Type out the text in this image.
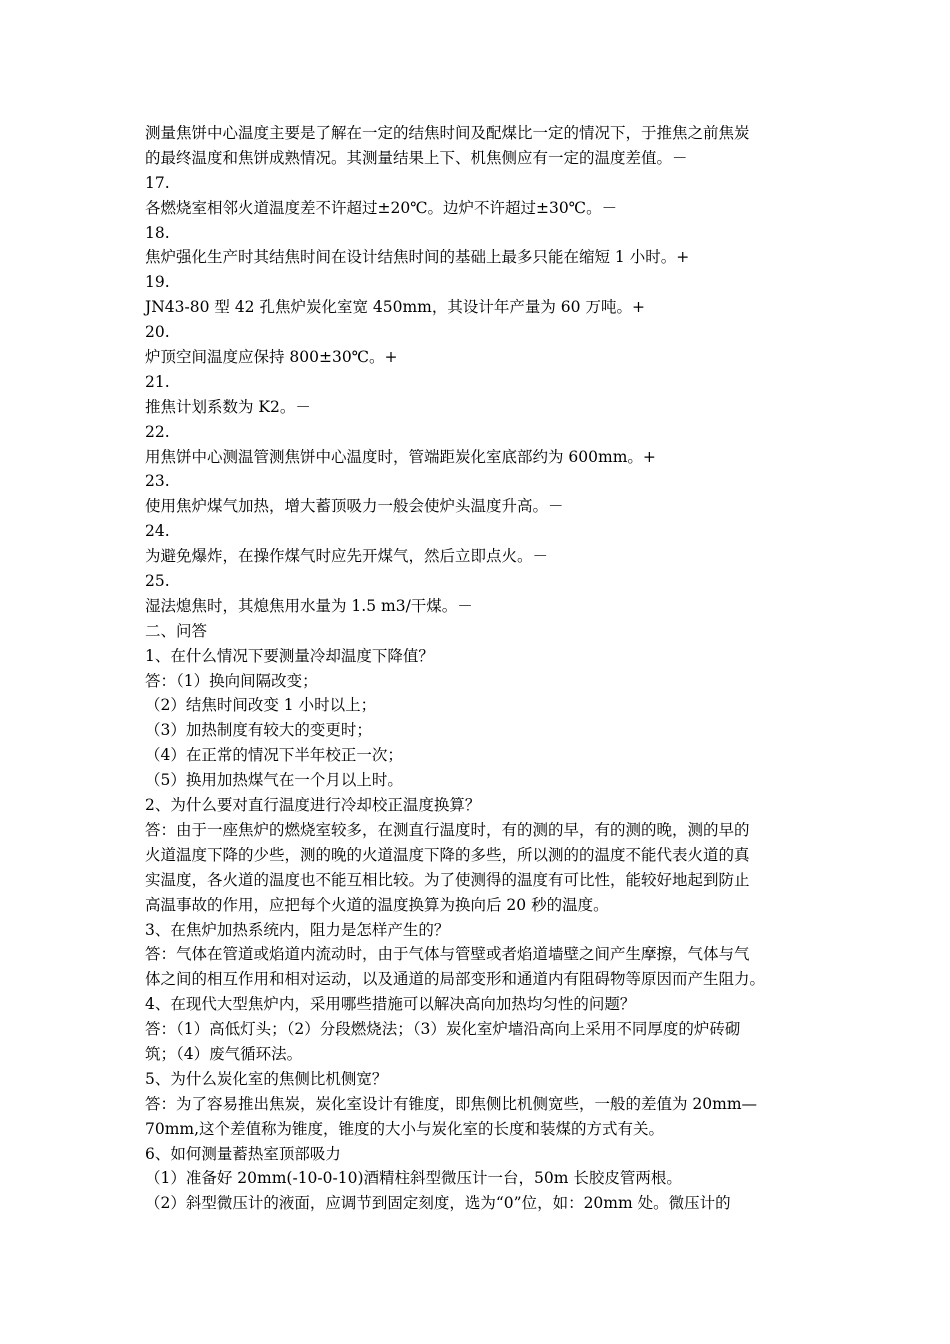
测量焦饼中心温度主要是了解在一定的结焦时间及配煤比一定的情况下，于推焦之前焦炭
的最终温度和焦饼成熟情况。其测量结果上下、机焦侧应有一定的温度差值。－
17.
各燃烧室相邻火道温度差不许超过±20℃。边炉不许超过±30℃。－
18.
焦炉强化生产时其结焦时间在设计结焦时间的基础上最多只能在缩短 1 小时。+
19.
JN43-80 型 42 孔焦炉炭化室宽 450mm，其设计年产量为 60 万吨。+
20.
炉顶空间温度应保持 800±30℃。+
21.
推焦计划系数为 K2。－
22.
用焦饼中心测温管测焦饼中心温度时，管端距炭化室底部约为 600mm。+
23.
使用焦炉煤气加热，增大蓄顶吸力一般会使炉头温度升高。－
24.
为避免爆炸，在操作煤气时应先开煤气，然后立即点火。－
25.
湿法熄焦时，其熄焦用水量为 1.5 m3/干煤。－
二、问答
1、在什么情况下要测量冷却温度下降值？
答：（1）换向间隔改变；
（2）结焦时间改变 1 小时以上；
（3）加热制度有较大的变更时；
（4）在正常的情况下半年校正一次；
（5）换用加热煤气在一个月以上时。
2、为什么要对直行温度进行冷却校正温度换算？
答：由于一座焦炉的燃烧室较多，在测直行温度时，有的测的早，有的测的晚，测的早的
火道温度下降的少些，测的晚的火道温度下降的多些，所以测的的温度不能代表火道的真
实温度，各火道的温度也不能互相比较。为了使测得的温度有可比性，能较好地起到防止
高温事故的作用，应把每个火道的温度换算为换向后 20 秒的温度。
3、在焦炉加热系统内，阻力是怎样产生的？
答：气体在管道或焰道内流动时，由于气体与管壁或者焰道墙壁之间产生摩擦，气体与气
体之间的相互作用和相对运动，以及通道的局部变形和通道内有阻碍物等原因而产生阻力。
4、在现代大型焦炉内，采用哪些措施可以解决高向加热均匀性的问题？
答：（1）高低灯头；（2）分段燃烧法；（3）炭化室炉墙沿高向上采用不同厚度的炉砖砌
筑；（4）废气循环法。
5、为什么炭化室的焦侧比机侧宽？
答：为了容易推出焦炭，炭化室设计有锥度，即焦侧比机侧宽些，一般的差值为 20mm—
70mm,这个差值称为锥度，锥度的大小与炭化室的长度和装煤的方式有关。
6、如何测量蓄热室顶部吸力
（1）准备好 20mm(-10-0-10)酒精柱斜型微压计一台，50m 长胶皮管两根。
（2）斜型微压计的液面，应调节到固定刻度，选为“0”位，如：20mm 处。微压计的
